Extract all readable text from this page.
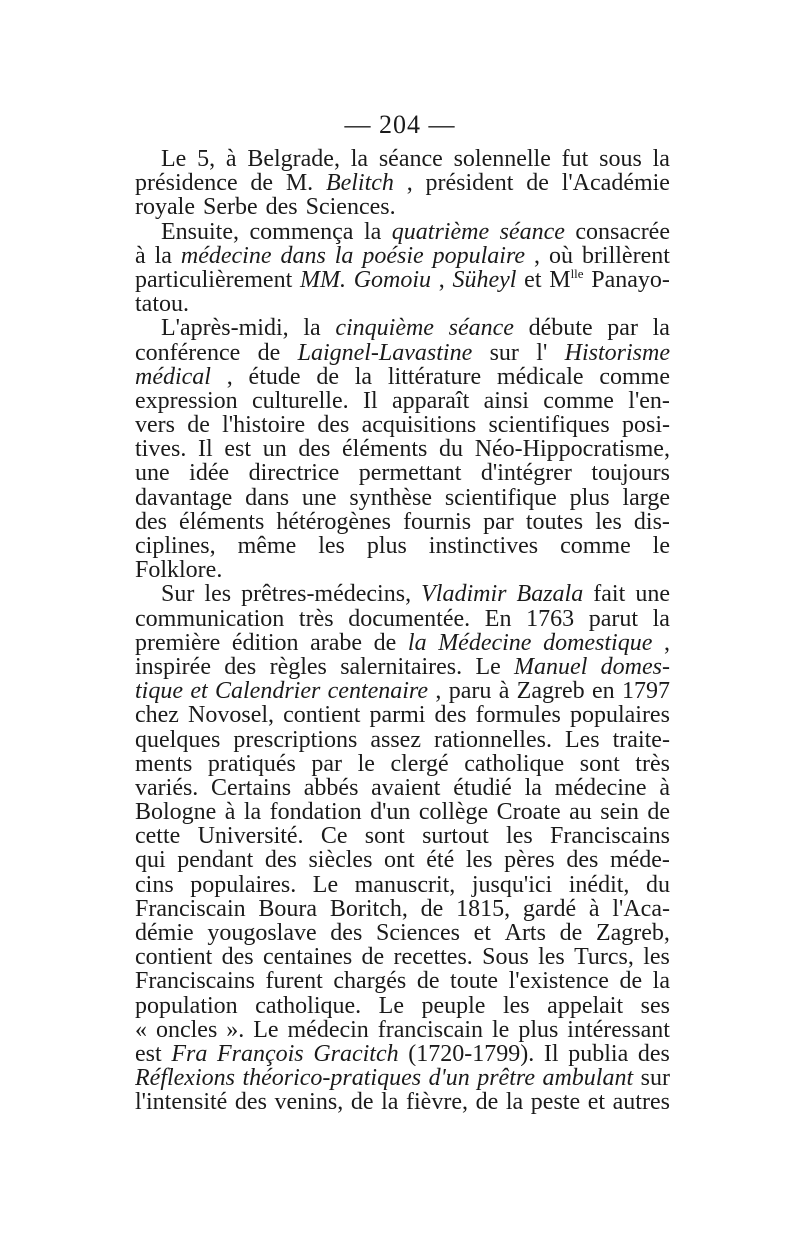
— 204 —
Le 5, à Belgrade, la séance solennelle fut sous la
présidence de M. Belitch , président de l'Académie
royale Serbe des Sciences.
Ensuite, commença la quatrième séance consacrée
à la médecine dans la poésie populaire , où brillèrent
particulièrement MM. Gomoiu , Süheyl et $M^{lle}$ Panayo-
tatou.
L'après-midi, la cinquième séance débute par la
conférence de Laignel-Lavastine sur l' Historisme
médical , étude de la littérature médicale comme
expression culturelle. Il apparaît ainsi comme l'en-
vers de l'histoire des acquisitions scientifiques posi-
tives. Il est un des éléments du Néo-Hippocratisme,
une idée directrice permettant d'intégrer toujours
davantage dans une synthèse scientifique plus large
des éléments hétérogènes fournis par toutes les dis-
ciplines, même les plus instinctives comme le
Folklore.
Sur les prêtres-médecins, Vladimir Bazala fait une
communication très documentée. En 1763 parut la
première édition arabe de la Médecine domestique ,
inspirée des règles salernitaires. Le Manuel domes-
tique et Calendrier centenaire , paru à Zagreb en 1797
chez Novosel, contient parmi des formules populaires
quelques prescriptions assez rationnelles. Les traite-
ments pratiqués par le clergé catholique sont très
variés. Certains abbés avaient étudié la médecine à
Bologne à la fondation d'un collège Croate au sein de
cette Université. Ce sont surtout les Franciscains
qui pendant des siècles ont été les pères des méde-
cins populaires. Le manuscrit, jusqu'ici inédit, du
Franciscain Boura Boritch, de 1815, gardé à l'Aca-
démie yougoslave des Sciences et Arts de Zagreb,
contient des centaines de recettes. Sous les Turcs, les
Franciscains furent chargés de toute l'existence de la
population catholique. Le peuple les appelait ses
« oncles ». Le médecin franciscain le plus intéressant
est Fra François Gracitch (1720-1799). Il publia des
Réflexions théorico-pratiques d'un prêtre ambulant sur
l'intensité des venins, de la fièvre, de la peste et autres
